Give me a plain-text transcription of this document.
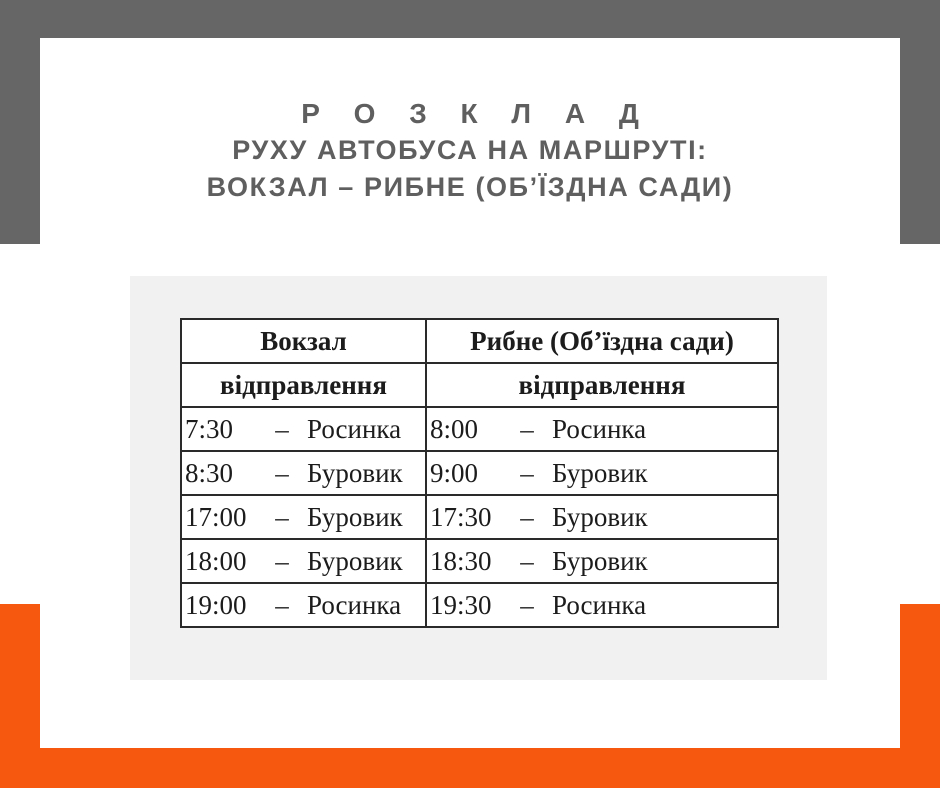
Р О З К Л А Д
РУХУ АВТОБУСА НА МАРШРУТІ:
ВОКЗАЛ – РИБНЕ (ОБ’ЇЗДНА САДИ)
Вокзал	Рибне (Об’їздна сади)
відправлення	відправлення

7:30 – Росинка	8:00 – Росинка

8:30 – Буровик	9:00 – Буровик

17:00 – Буровик	17:30 – Буровик

18:00 – Буровик	18:30 – Буровик

19:00 – Росинка	19:30 – Росинка
